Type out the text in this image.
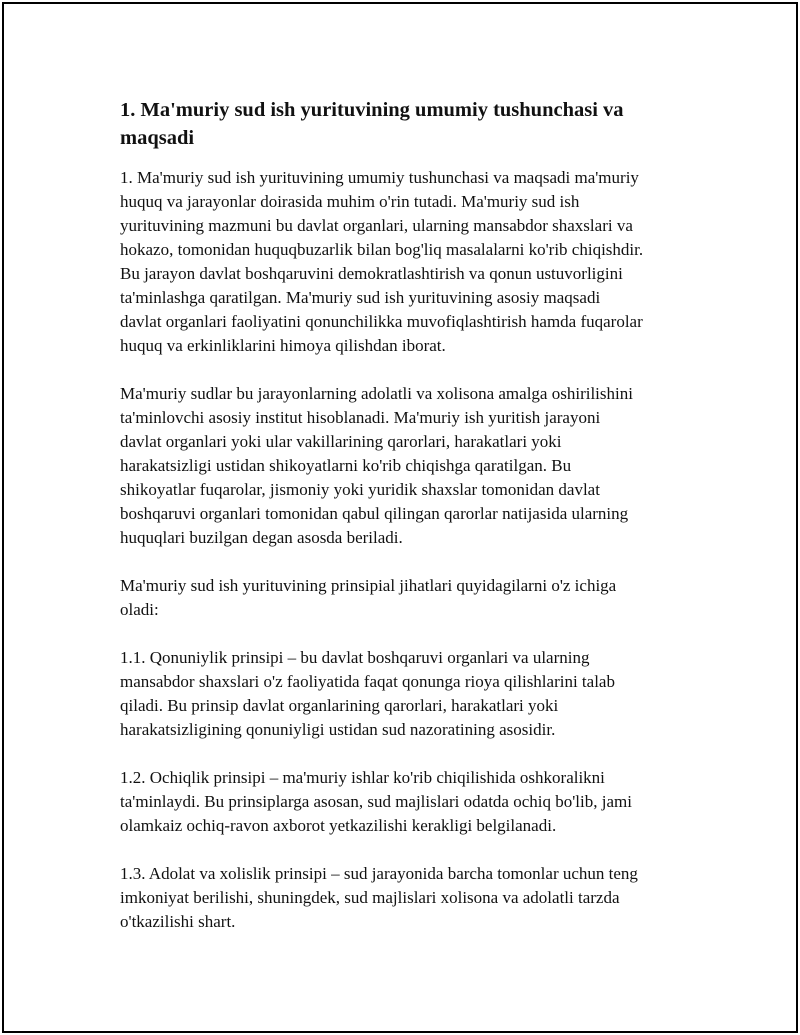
1. Ma'muriy sud ish yurituvining umumiy tushunchasi va
maqsadi

1. Ma'muriy sud ish yurituvining umumiy tushunchasi va maqsadi ma'muriy
huquq va jarayonlar doirasida muhim o'rin tutadi. Ma'muriy sud ish
yurituvining mazmuni bu davlat organlari, ularning mansabdor shaxslari va
hokazo, tomonidan huquqbuzarlik bilan bog'liq masalalarni ko'rib chiqishdir.
Bu jarayon davlat boshqaruvini demokratlashtirish va qonun ustuvorligini
ta'minlashga qaratilgan. Ma'muriy sud ish yurituvining asosiy maqsadi
davlat organlari faoliyatini qonunchilikka muvofiqlashtirish hamda fuqarolar
huquq va erkinliklarini himoya qilishdan iborat.

Ma'muriy sudlar bu jarayonlarning adolatli va xolisona amalga oshirilishini
ta'minlovchi asosiy institut hisoblanadi. Ma'muriy ish yuritish jarayoni
davlat organlari yoki ular vakillarining qarorlari, harakatlari yoki
harakatsizligi ustidan shikoyatlarni ko'rib chiqishga qaratilgan. Bu
shikoyatlar fuqarolar, jismoniy yoki yuridik shaxslar tomonidan davlat
boshqaruvi organlari tomonidan qabul qilingan qarorlar natijasida ularning
huquqlari buzilgan degan asosda beriladi.

Ma'muriy sud ish yurituvining prinsipial jihatlari quyidagilarni o'z ichiga
oladi:

1.1. Qonuniylik prinsipi – bu davlat boshqaruvi organlari va ularning
mansabdor shaxslari o'z faoliyatida faqat qonunga rioya qilishlarini talab
qiladi. Bu prinsip davlat organlarining qarorlari, harakatlari yoki
harakatsizligining qonuniyligi ustidan sud nazoratining asosidir.

1.2. Ochiqlik prinsipi – ma'muriy ishlar ko'rib chiqilishida oshkoralikni
ta'minlaydi. Bu prinsiplarga asosan, sud majlislari odatda ochiq bo'lib, jami
olamkaiz ochiq-ravon axborot yetkazilishi kerakligi belgilanadi.

1.3. Adolat va xolislik prinsipi – sud jarayonida barcha tomonlar uchun teng
imkoniyat berilishi, shuningdek, sud majlislari xolisona va adolatli tarzda
o'tkazilishi shart.
